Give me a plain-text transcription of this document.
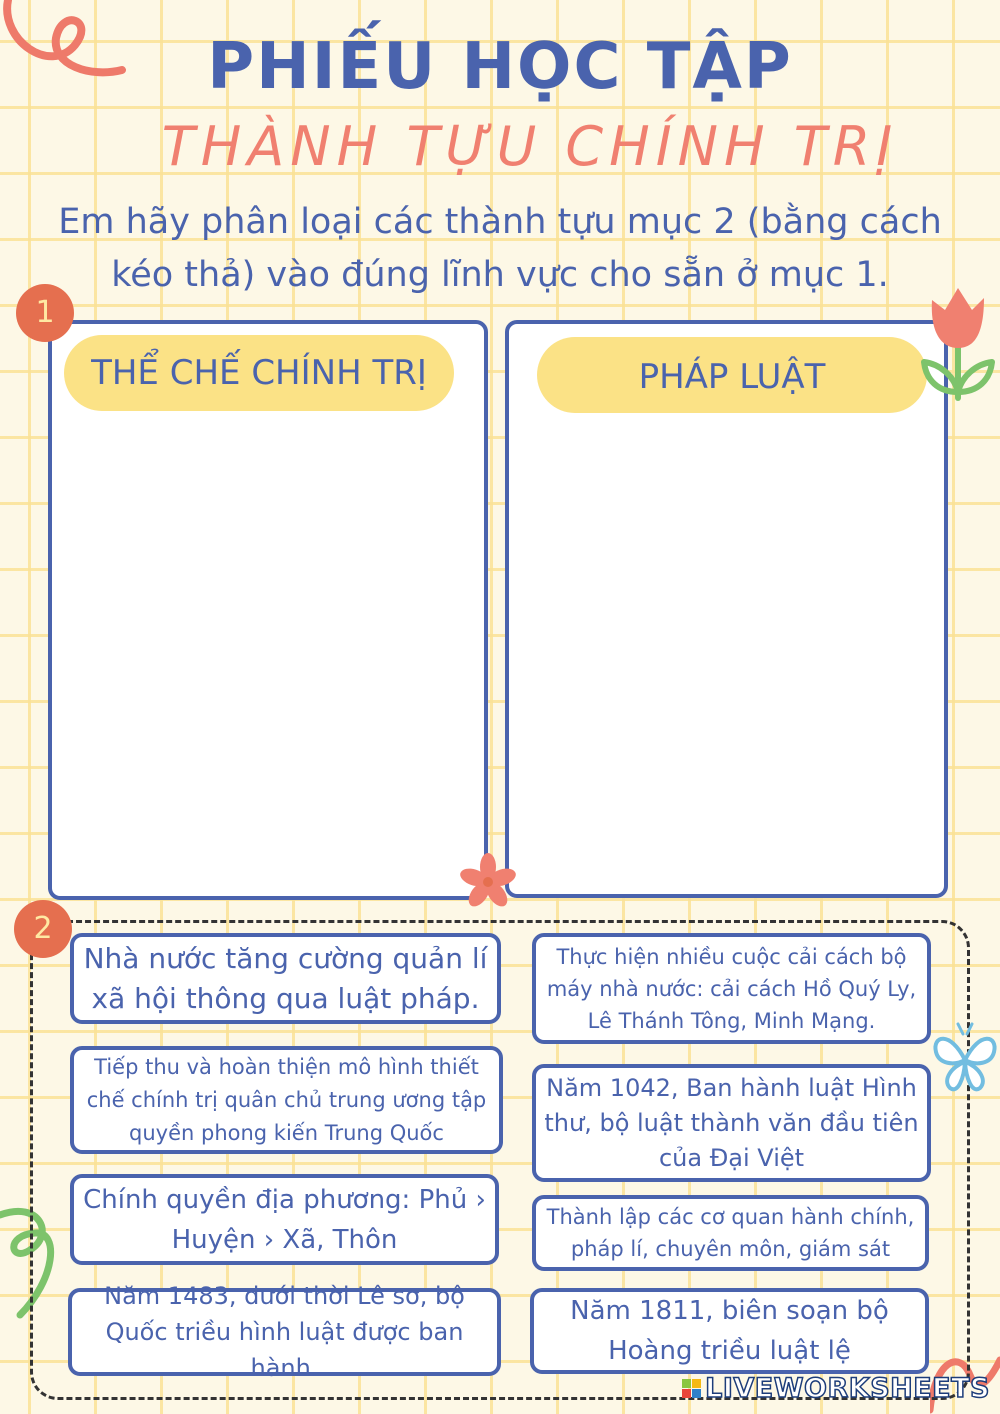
PHIẾU HỌC TẬP
THÀNH TỰU CHÍNH TRỊ
Em hãy phân loại các thành tựu mục 2 (bằng cách kéo thả) vào đúng lĩnh vực cho sẵn ở mục 1.
THỂ CHẾ CHÍNH TRỊ	PHÁP LUẬT
1
2
Nhà nước tăng cường quản lí xã hội thông qua luật pháp.
Thực hiện nhiều cuộc cải cách bộ máy nhà nước: cải cách Hồ Quý Ly, Lê Thánh Tông, Minh Mạng.
Tiếp thu và hoàn thiện mô hình thiết chế chính trị quân chủ trung ương tập quyền phong kiến Trung Quốc
Năm 1042, Ban hành luật Hình thư, bộ luật thành văn đầu tiên của Đại Việt
Chính quyền địa phương: Phủ › Huyện › Xã, Thôn
Thành lập các cơ quan hành chính, pháp lí, chuyên môn, giám sát
Năm 1483, dưới thời Lê sơ, bộ Quốc triều hình luật được ban hành.
Năm 1811, biên soạn bộ Hoàng triều luật lệ
LIVEWORKSHEETS
